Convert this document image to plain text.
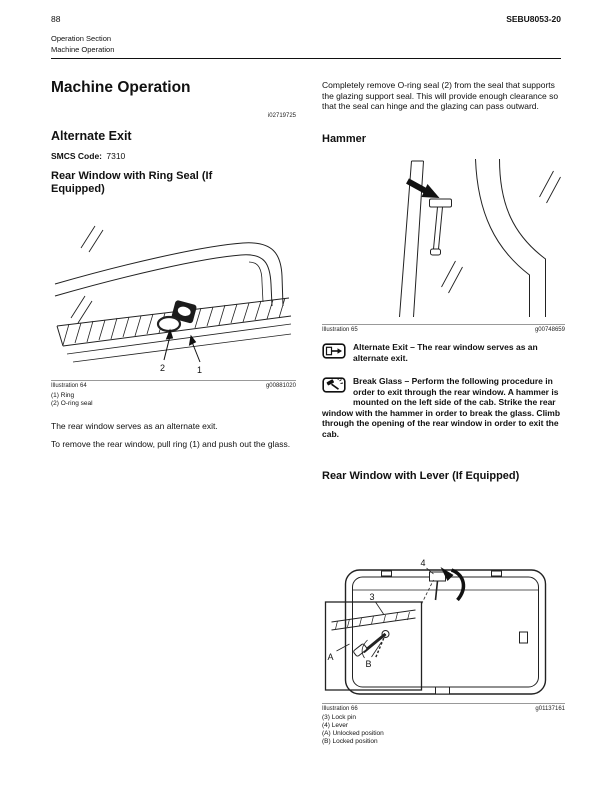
88	SEBU8053-20
Operation Section
Machine Operation
Machine Operation
i02719725
Alternate Exit
SMCS Code: 7310
Rear Window with Ring Seal (If Equipped)
2	1
Illustration 64	g00881020
(1) Ring
(2) O-ring seal
The rear window serves as an alternate exit.
To remove the rear window, pull ring (1) and push out the glass.
Completely remove O-ring seal (2) from the seal that supports the glazing support seal. This will provide enough clearance so that the seal can hinge and the glazing can pass outward.
Hammer
Illustration 65	g00748659
Alternate Exit – The rear window serves as an alternate exit.
Break Glass – Perform the following procedure in order to exit through the rear window. A hammer is mounted on the left side of the cab. Strike the rear window with the hammer in order to break the glass. Climb through the opening of the rear window in order to exit the cab.
Rear Window with Lever (If Equipped)
4
3
A
B
Illustration 66	g01137161
(3) Lock pin
(4) Lever
(A) Unlocked position
(B) Locked position
